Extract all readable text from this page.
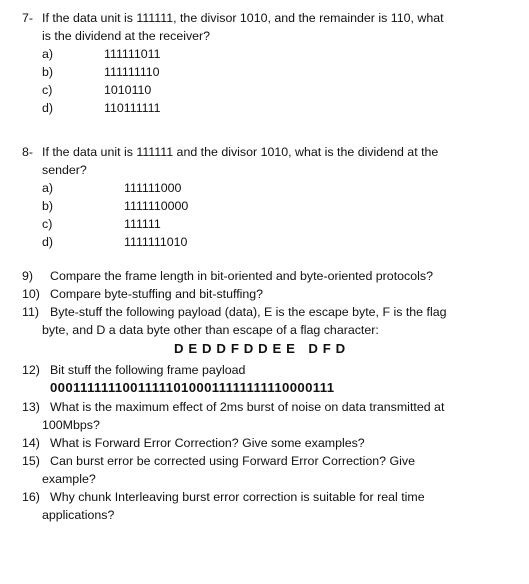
7- If the data unit is 111111, the divisor 1010, and the remainder is 110, what
is the dividend at the receiver?
a)	111111011
b)	111111110
c)	1010110
d)	110111111
8- If the data unit is 111111 and the divisor 1010, what is the dividend at the
sender?
a)	111111000
b)	1111110000
c)	111111
d)	1111111010
9) Compare the frame length in bit-oriented and byte-oriented protocols?
10) Compare byte-stuffing and bit-stuffing?
11) Byte-stuff the following payload (data), E is the escape byte, F is the flag
byte, and D a data byte other than escape of a flag character:
D E D D F D D E E   D F D
12) Bit stuff the following frame payload
000111111100111110100011111111110000111
13) What is the maximum effect of 2ms burst of noise on data transmitted at
100Mbps?
14) What is Forward Error Correction? Give some examples?
15) Can burst error be corrected using Forward Error Correction? Give
example?
16) Why chunk Interleaving burst error correction is suitable for real time
applications?
